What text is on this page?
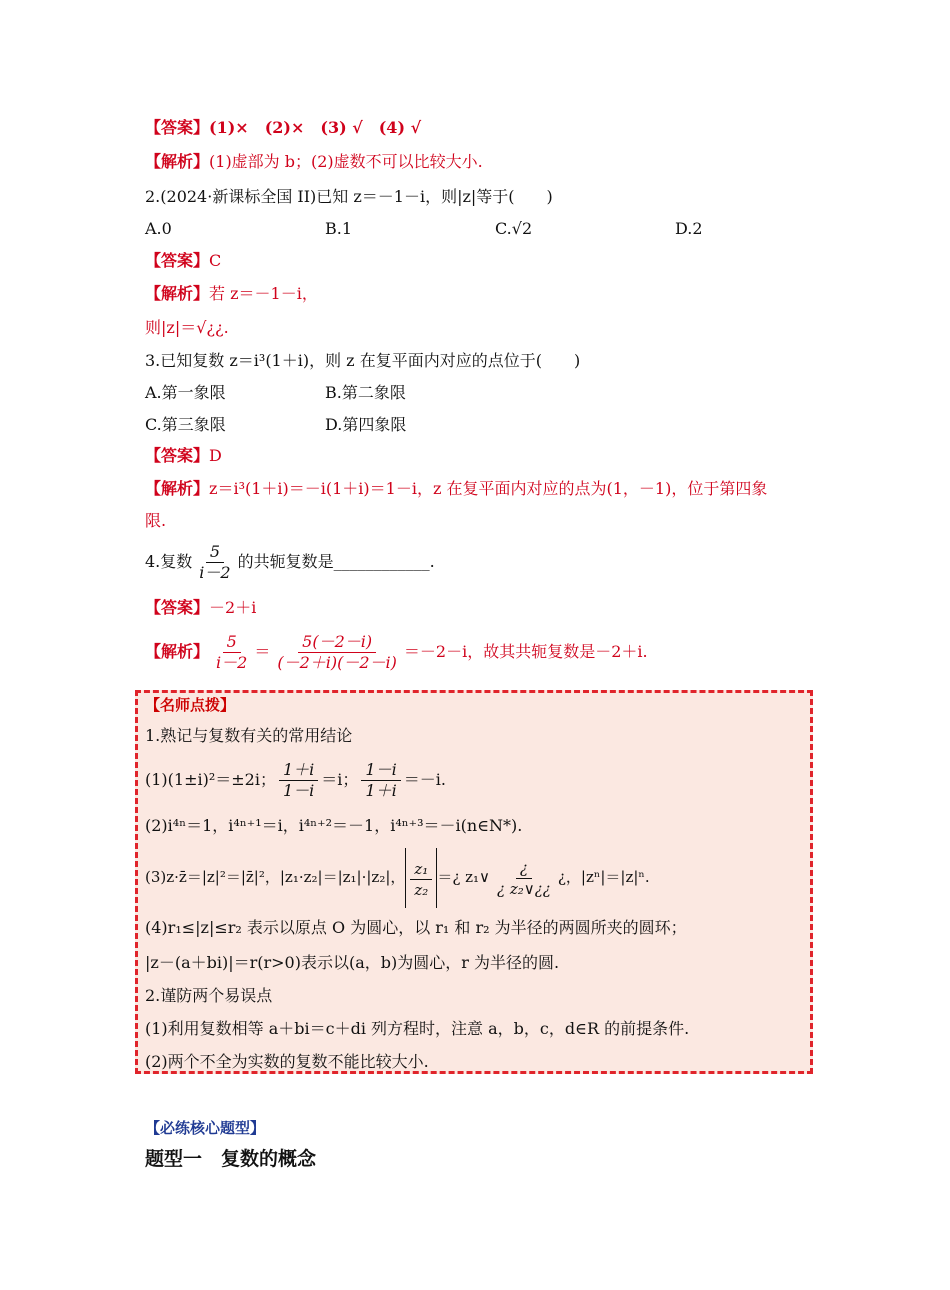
【答案】(1)×　(2)×　(3) √　(4) √
【解析】(1)虚部为 b；(2)虚数不可以比较大小.
2.(2024·新课标全国 II)已知 z＝－1－i，则|z|等于(　　)
A.0	B.1	C.√2	D.2
【答案】C
【解析】若 z＝－1－i，
则|z|＝√¿¿.
3.已知复数 z＝i³(1＋i)，则 z 在复平面内对应的点位于(　　)
A.第一象限	B.第二象限
C.第三象限	D.第四象限
【答案】D
【解析】z＝i³(1＋i)＝－i(1＋i)＝1－i，z 在复平面内对应的点为(1，－1)，位于第四象
限.
4.复数 $\frac{5}{i-2}$ 的共轭复数是____________.
【答案】－2＋i
【解析】 $\frac{5}{i-2} = \frac{5(-2-i)}{(-2+i)(-2-i)} =-2-i$，故其共轭复数是－2＋i.
【名师点拨】
1.熟记与复数有关的常用结论
(1)(1±i)²＝±2i； $\frac{1+i}{1-i} =i$； $\frac{1-i}{1+i} =-i$.
(2)i⁴ⁿ＝1，i⁴ⁿ⁺¹＝i，i⁴ⁿ⁺²＝－1，i⁴ⁿ⁺³＝－i(n∈N*).
(3)z·z̄＝|z|²＝|z̄|²，|z₁·z₂|＝|z₁|·|z₂|， $\frac{\text{z₁}}{\text{z₂}}$ ＝¿ z₁∨ $\frac{¿}{\text{¿ z₂∨¿¿}}$ ¿，|zⁿ|＝|z|ⁿ.
(4)r₁≤|z|≤r₂ 表示以原点 O 为圆心，以 r₁ 和 r₂ 为半径的两圆所夹的圆环；
|z－(a＋bi)|＝r(r>0)表示以(a，b)为圆心，r 为半径的圆.
2.谨防两个易误点
(1)利用复数相等 a＋bi＝c＋di 列方程时，注意 a，b，c，d∈R 的前提条件.
(2)两个不全为实数的复数不能比较大小.
【必练核心题型】
题型一　复数的概念
